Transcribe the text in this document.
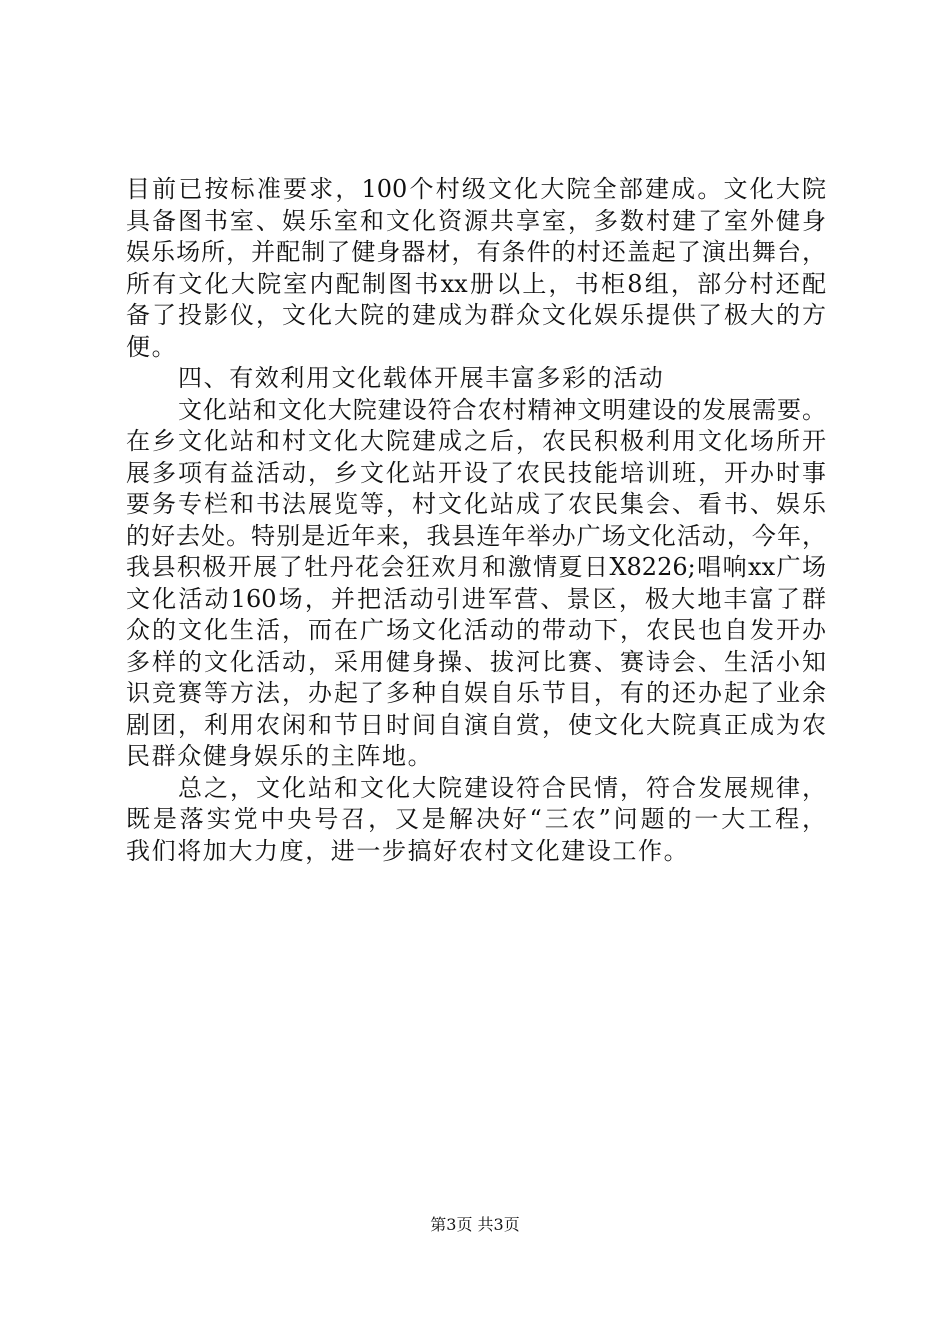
目前已按标准要求，100个村级文化大院全部建成。文化大院
具备图书室、娱乐室和文化资源共享室，多数村建了室外健身
娱乐场所，并配制了健身器材，有条件的村还盖起了演出舞台，
所有文化大院室内配制图书xx册以上，书柜8组，部分村还配
备了投影仪，文化大院的建成为群众文化娱乐提供了极大的方
便。
四、有效利用文化载体开展丰富多彩的活动
文化站和文化大院建设符合农村精神文明建设的发展需要。
在乡文化站和村文化大院建成之后，农民积极利用文化场所开
展多项有益活动，乡文化站开设了农民技能培训班，开办时事
要务专栏和书法展览等，村文化站成了农民集会、看书、娱乐
的好去处。特别是近年来，我县连年举办广场文化活动，今年，
我县积极开展了牡丹花会狂欢月和激情夏日X8226;唱响xx广场
文化活动160场，并把活动引进军营、景区，极大地丰富了群
众的文化生活，而在广场文化活动的带动下，农民也自发开办
多样的文化活动，采用健身操、拔河比赛、赛诗会、生活小知
识竞赛等方法，办起了多种自娱自乐节目，有的还办起了业余
剧团，利用农闲和节日时间自演自赏，使文化大院真正成为农
民群众健身娱乐的主阵地。
总之，文化站和文化大院建设符合民情，符合发展规律，
既是落实党中央号召，又是解决好“三农”问题的一大工程，
我们将加大力度，进一步搞好农村文化建设工作。
第3页 共3页
